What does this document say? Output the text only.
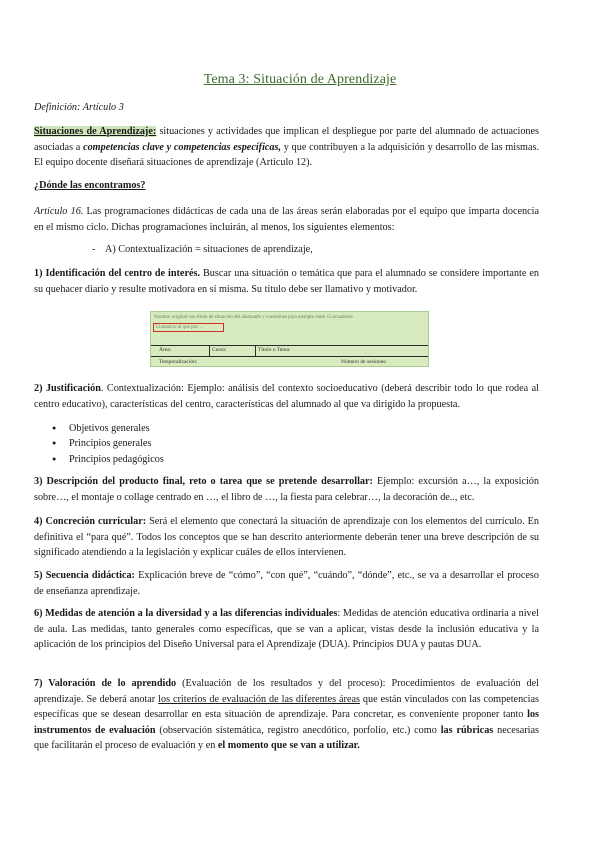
Tema 3: Situación de Aprendizaje

Definición: Artículo 3

Situaciones de Aprendizaje: situaciones y actividades que implican el despliegue por parte del alumnado de actuaciones asociadas a competencias clave y competencias específicas, y que contribuyen a la adquisición y desarrollo de las mismas. El equipo docente diseñará situaciones de aprendizaje (Artículo 12).

¿Dónde las encontramos?

Artículo 16. Las programaciones didácticas de cada una de las áreas serán elaboradas por el equipo que imparta docencia en el mismo ciclo. Dichas programaciones incluirán, al menos, los siguientes elementos:

- A) Contextualización = situaciones de aprendizaje,

1) Identificación del centro de interés. Buscar una situación o temática que para el alumnado se considere importante en su quehacer diario y resulte motivadora en sí misma. Su título debe ser llamativo y motivador.

Nombre original con título de situación del alumnado y cuestiones para ejemplo entre 15 ecuadores
Llamativo al que por…
Área:	Curso:	Título o Tema:
Temporalización:	Número de sesiones:

2) Justificación. Contextualización: Ejemplo: análisis del contexto socioeducativo (deberá describir todo lo que rodea al centro educativo), características del centro, características del alumnado al que va dirigido la propuesta.

● Objetivos generales
● Principios generales
● Principios pedagógicos

3) Descripción del producto final, reto o tarea que se pretende desarrollar: Ejemplo: excursión a…, la exposición sobre…, el montaje o collage centrado en …, el libro de …, la fiesta para celebrar…, la decoración de.., etc.

4) Concreción curricular: Será el elemento que conectará la situación de aprendizaje con los elementos del currículo. En definitiva el “para qué”. Todos los conceptos que se han descrito anteriormente deberán tener una breve descripción de su significado atendiendo a la legislación y explicar cuáles de ellos intervienen.

5) Secuencia didáctica: Explicación breve de “cómo”, “con qué”, “cuándo”, “dónde”, etc., se va a desarrollar el proceso de enseñanza aprendizaje.

6) Medidas de atención a la diversidad y a las diferencias individuales: Medidas de atención educativa ordinaria a nivel de aula. Las medidas, tanto generales como específicas, que se van a aplicar, vistas desde la inclusión educativa y la aplicación de los principios del Diseño Universal para el Aprendizaje (DUA). Principios DUA y pautas DUA.

7) Valoración de lo aprendido (Evaluación de los resultados y del proceso): Procedimientos de evaluación del aprendizaje. Se deberá anotar los criterios de evaluación de las diferentes áreas que están vinculados con las competencias específicas que se desean desarrollar en esta situación de aprendizaje. Para concretar, es conveniente proponer tanto los instrumentos de evaluación (observación sistemática, registro anecdótico, porfolio, etc.) como las rúbricas necesarias que facilitarán el proceso de evaluación y en el momento que se van a utilizar.
